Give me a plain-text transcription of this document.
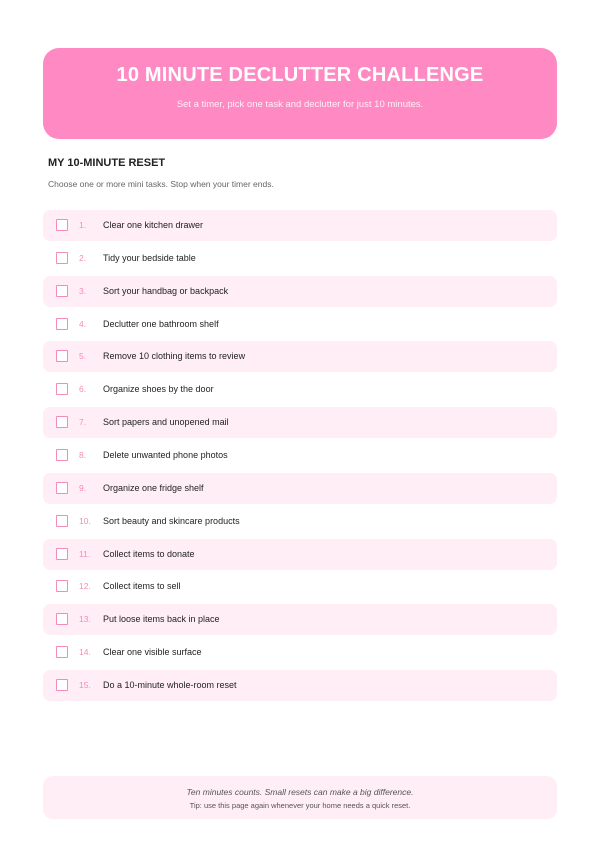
10 MINUTE DECLUTTER CHALLENGE
Set a timer, pick one task and declutter for just 10 minutes.
MY 10-MINUTE RESET
Choose one or more mini tasks. Stop when your timer ends.
1. Clear one kitchen drawer
2. Tidy your bedside table
3. Sort your handbag or backpack
4. Declutter one bathroom shelf
5. Remove 10 clothing items to review
6. Organize shoes by the door
7. Sort papers and unopened mail
8. Delete unwanted phone photos
9. Organize one fridge shelf
10. Sort beauty and skincare products
11. Collect items to donate
12. Collect items to sell
13. Put loose items back in place
14. Clear one visible surface
15. Do a 10-minute whole-room reset
Ten minutes counts. Small resets can make a big difference.
Tip: use this page again whenever your home needs a quick reset.
